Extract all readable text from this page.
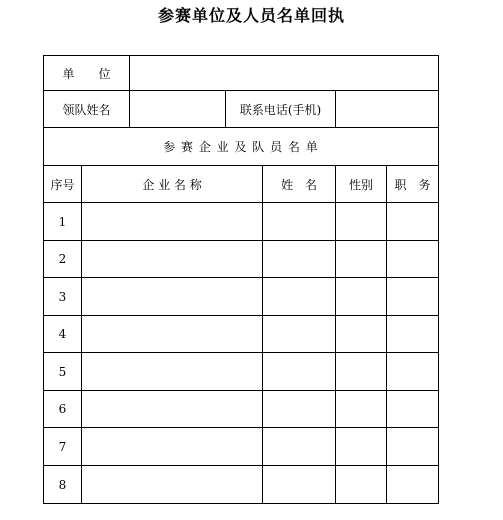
参赛单位及人员名单回执
单　　位
领队姓名	联系电话(手机)
参 赛 企 业 及 队 员 名 单
序号	企 业 名 称	姓　名	性别	职　务
1
2
3
4
5
6
7
8
